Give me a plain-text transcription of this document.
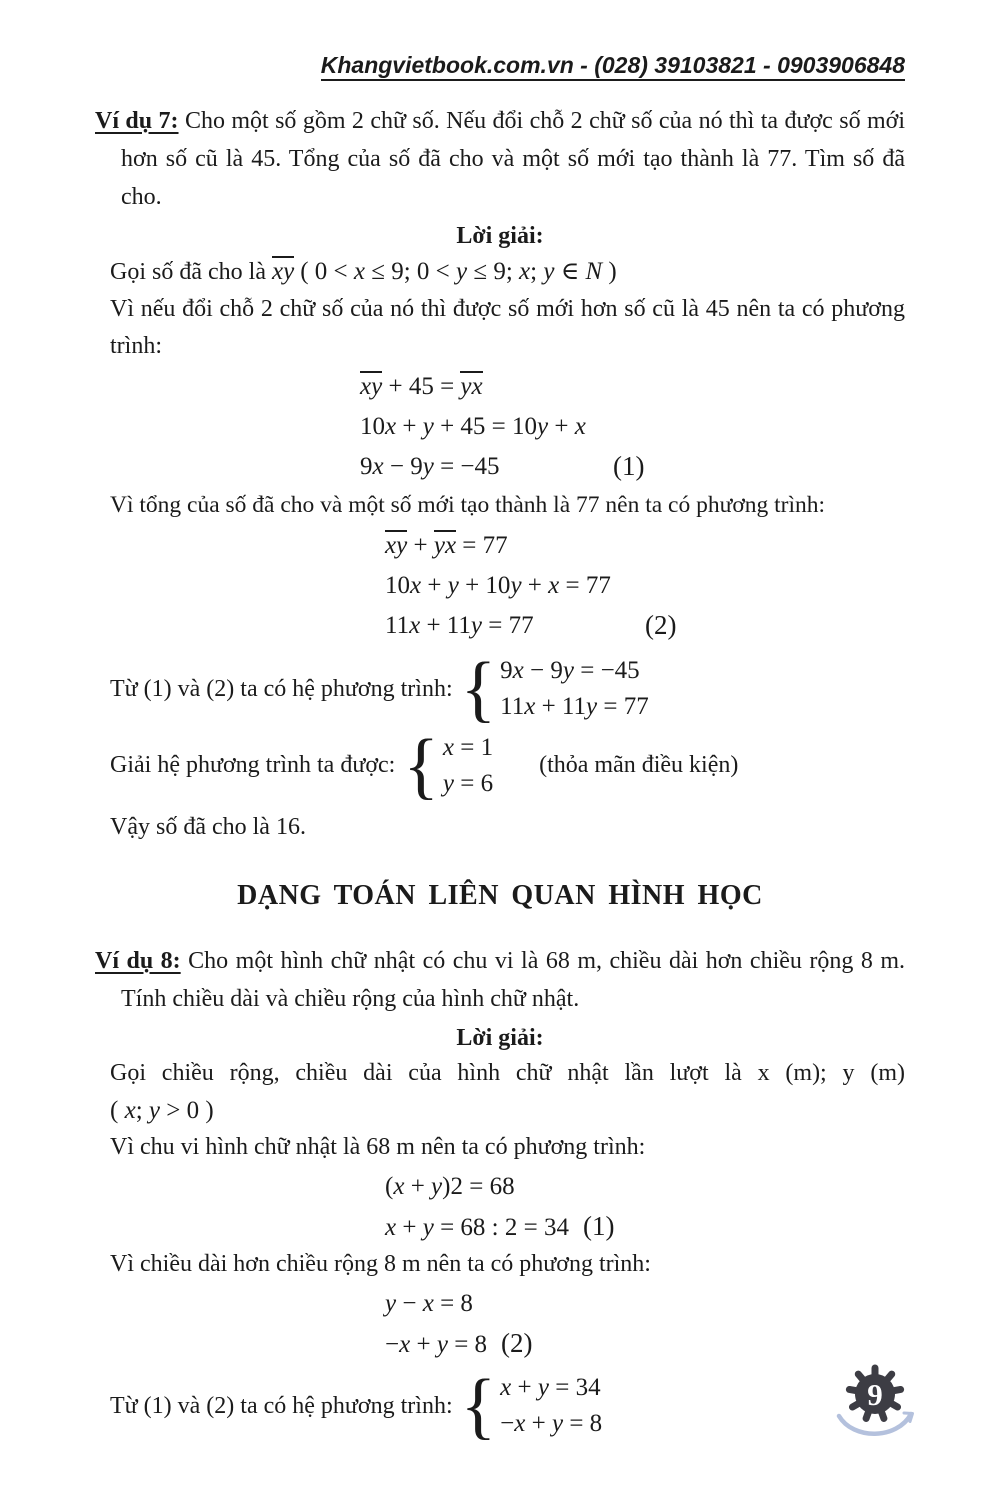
Khangvietbook.com.vn - (028) 39103821 - 0903906848

Ví dụ 7: Cho một số gồm 2 chữ số. Nếu đổi chỗ 2 chữ số của nó thì ta được số mới hơn số cũ là 45. Tổng của số đã cho và một số mới tạo thành là 77. Tìm số đã cho.

Lời giải:

Gọi số đã cho là xy ( 0 < x ≤ 9; 0 < y ≤ 9; x; y ∈ N )

Vì nếu đổi chỗ 2 chữ số của nó thì được số mới hơn số cũ là 45 nên ta có phương trình:

xy + 45 = yx
10x + y + 45 = 10y + x
9x − 9y = −45	(1)

Vì tổng của số đã cho và một số mới tạo thành là 77 nên ta có phương trình:

xy + yx = 77
10x + y + 10y + x = 77
11x + 11y = 77	(2)
Từ (1) và (2) ta có hệ phương trình: { 9x − 9y = −45
11x + 11y = 77
Giải hệ phương trình ta được: { x = 1
y = 6
(thỏa mãn điều kiện)

Vậy số đã cho là 16.

DẠNG TOÁN LIÊN QUAN HÌNH HỌC

Ví dụ 8: Cho một hình chữ nhật có chu vi là 68 m, chiều dài hơn chiều rộng 8 m. Tính chiều dài và chiều rộng của hình chữ nhật.

Lời giải:

Gọi chiều rộng, chiều dài của hình chữ nhật lần lượt là x (m); y (m)

( x; y > 0 )

Vì chu vi hình chữ nhật là 68 m nên ta có phương trình:

(x + y)2 = 68
x + y = 68 : 2 = 34 (1)

Vì chiều dài hơn chiều rộng 8 m nên ta có phương trình:

y − x = 8
−x + y = 8 (2)
Từ (1) và (2) ta có hệ phương trình: { x + y = 34
−x + y = 8
9
